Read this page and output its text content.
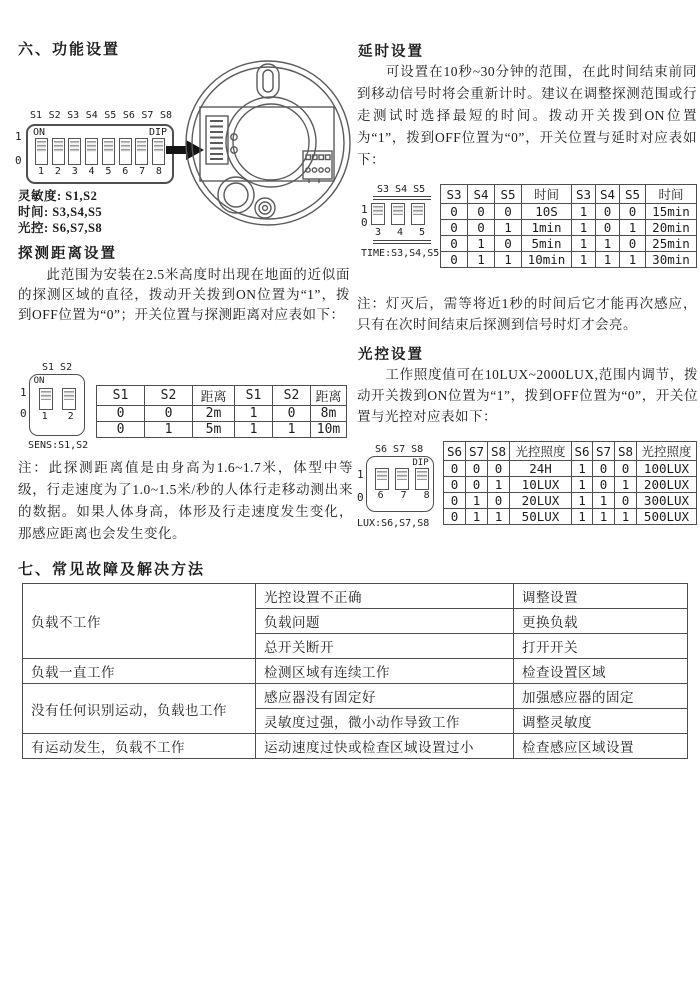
六、功能设置
S1 S2 S3 S4 S5 S6 S7 S8
1
0
ON	DIP
1 2 3 4 5 6 7 8
灵敏度: S1,S2
时间: S3,S4,S5
光控: S6,S7,S8
延时设置
　　可设置在10秒~30分钟的范围，在此时间结束前同到移动信号时将会重新计时。建议在调整探测范围或行走测试时选择最短的时间。拨动开关拨到ON位置为“1”，拨到OFF位置为“0”，开关位置与延时对应表如下：
S3 S4 S5
1
0
3 4 5
TIME:S3,S4,S5
S3	S4	S5	时间	S3	S4	S5	时间
0	0	0	10S	1	0	0	15min
0	0	1	1min	1	0	1	20min
0	1	0	5min	1	1	0	25min
0	1	1	10min	1	1	1	30min
注：灯灭后，需等将近1秒的时间后它才能再次感应，只有在次时间结束后探测到信号时灯才会亮。
光控设置
　　工作照度值可在10LUX~2000LUX,范围内调节，拨动开关拨到ON位置为“1”，拨到OFF位置为“0”，开关位置与光控对应表如下：
S6 S7 S8
1
0
DIP
6 7 8
LUX:S6,S7,S8
S6	S7	S8	光控照度	S6	S7	S8	光控照度
0	0	0	24H	1	0	0	100LUX
0	0	1	10LUX	1	0	1	200LUX
0	1	0	20LUX	1	1	0	300LUX
0	1	1	50LUX	1	1	1	500LUX
探测距离设置
　　此范围为安装在2.5米高度时出现在地面的近似面的探测区域的直径，拨动开关拨到ON位置为“1”，拨到OFF位置为“0”；开关位置与探测距离对应表如下：
S1 S2
1
0
ON
1 2
SENS:S1,S2
S1	S2	距离	S1	S2	距离
0	0	2m	1	0	8m
0	1	5m	1	1	10m
注：此探测距离值是由身高为1.6~1.7米，体型中等级，行走速度为了1.0~1.5米/秒的人体行走移动测出来的数据。如果人体身高，体形及行走速度发生变化，那感应距离也会发生变化。
七、常见故障及解决方法
负载不工作	光控设置不正确	调整设置
	负载问题	更换负载
	总开关断开	打开开关
负载一直工作	检测区域有连续工作	检查设置区域
没有任何识别运动，负载也工作	感应器没有固定好	加强感应器的固定
	灵敏度过强，微小动作导致工作	调整灵敏度
有运动发生，负载不工作	运动速度过快或检查区域设置过小	检查感应区域设置
